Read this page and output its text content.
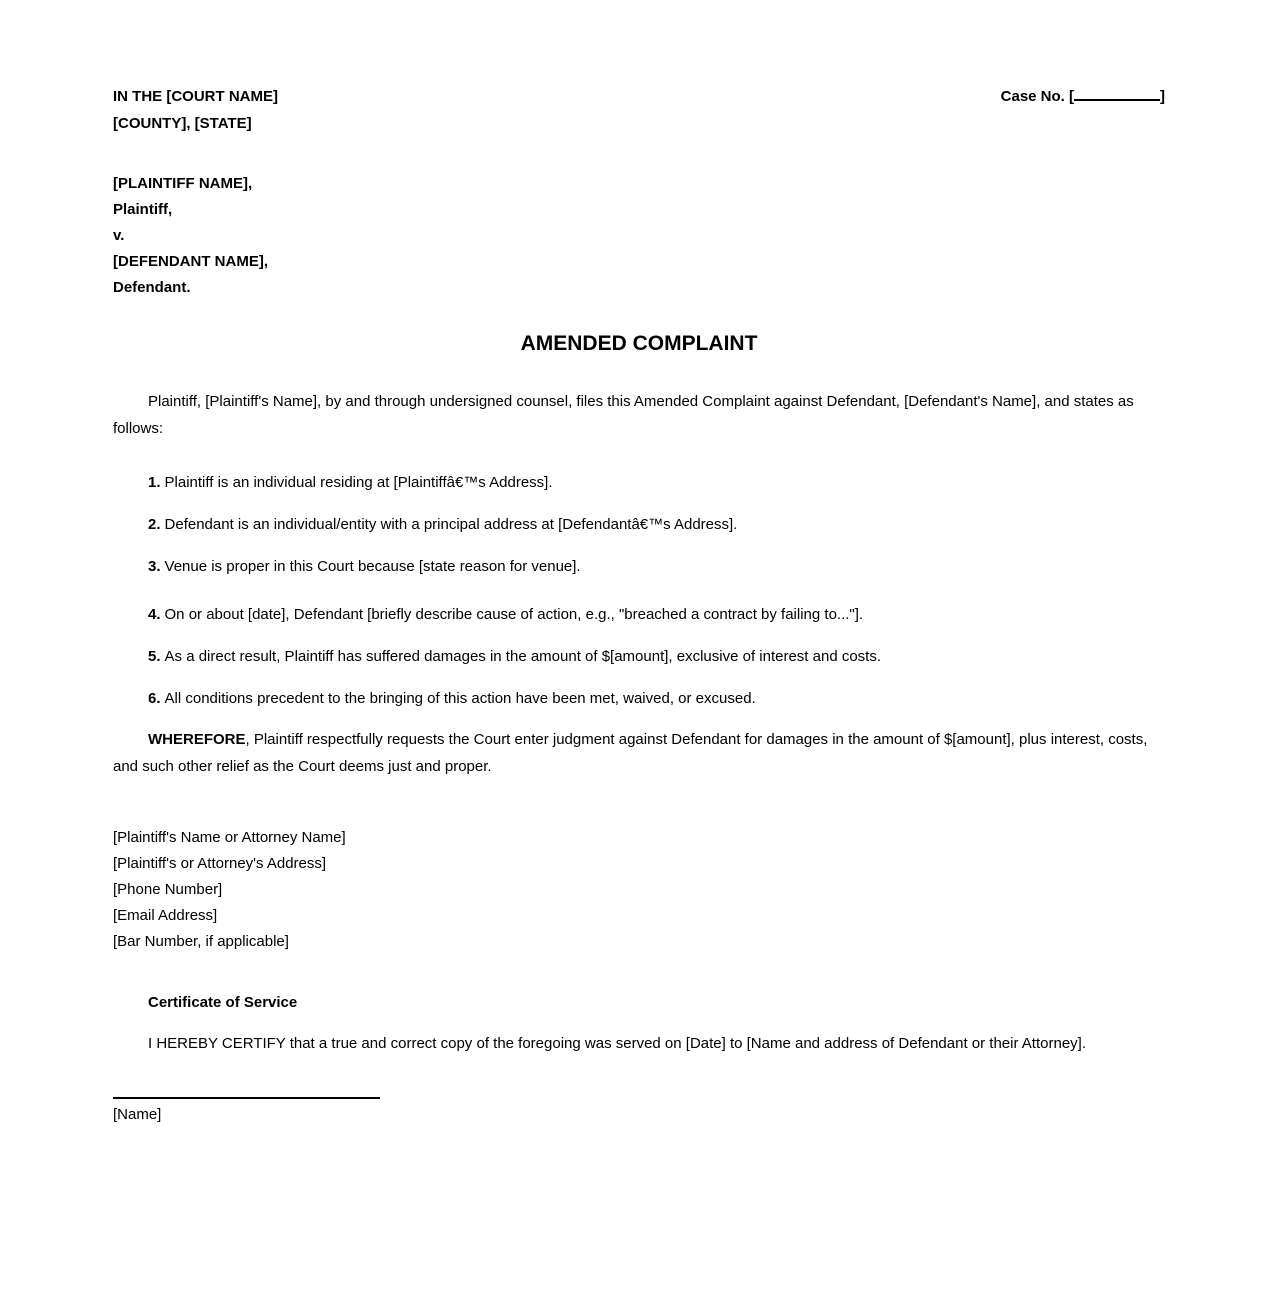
IN THE [COURT NAME]
[COUNTY], [STATE]
Case No. [	]
[PLAINTIFF NAME],
Plaintiff,
v.
[DEFENDANT NAME],
Defendant.
AMENDED COMPLAINT

Plaintiff, [Plaintiff's Name], by and through undersigned counsel, files this Amended Complaint against Defendant, [Defendant's Name], and states as follows:

1. Plaintiff is an individual residing at [Plaintiffâ€™s Address].

2. Defendant is an individual/entity with a principal address at [Defendantâ€™s Address].

3. Venue is proper in this Court because [state reason for venue].

4. On or about [date], Defendant [briefly describe cause of action, e.g., "breached a contract by failing to..."].

5. As a direct result, Plaintiff has suffered damages in the amount of $[amount], exclusive of interest and costs.

6. All conditions precedent to the bringing of this action have been met, waived, or excused.

WHEREFORE, Plaintiff respectfully requests the Court enter judgment against Defendant for damages in the amount of $[amount], plus interest, costs, and such other relief as the Court deems just and proper.

[Plaintiff's Name or Attorney Name]
[Plaintiff's or Attorney's Address]
[Phone Number]
[Email Address]
[Bar Number, if applicable]

Certificate of Service

I HEREBY CERTIFY that a true and correct copy of the foregoing was served on [Date] to [Name and address of Defendant or their Attorney].

[Name]
